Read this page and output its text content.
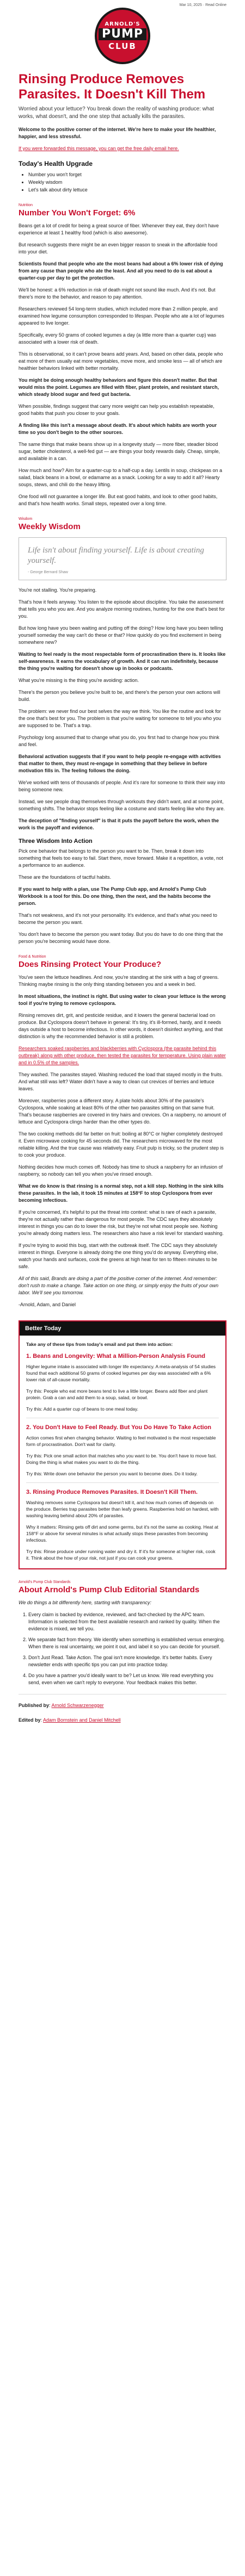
Mar 10, 2025 · Read Online
ARNOLD'S
PUMP
CLUB
Rinsing Produce Removes Parasites. It Doesn't Kill Them

Worried about your lettuce? You break down the reality of washing produce: what works, what doesn't, and the one step that actually kills the parasites.

Welcome to the positive corner of the internet. We're here to make your life healthier, happier, and less stressful.

If you were forwarded this message, you can get the free daily email here.

Today's Health Upgrade
• Number you won't forget
• Weekly wisdom
• Let's talk about dirty lettuce
Nutrition
Number You Won't Forget: 6%

Beans get a lot of credit for being a great source of fiber. Whenever they eat, they don't have experience at least 1 healthy food (which is also awesome).

But research suggests there might be an even bigger reason to sneak in the affordable food into your diet.

Scientists found that people who ate the most beans had about a 6% lower risk of dying from any cause than people who ate the least. And all you need to do is eat about a quarter-cup per day to get the protection.

We'll be honest: a 6% reduction in risk of death might not sound like much. And it's not. But there's more to the behavior, and reason to pay attention.

Researchers reviewed 54 long-term studies, which included more than 2 million people, and examined how legume consumption corresponded to lifespan. People who ate a lot of legumes appeared to live longer.

Specifically, every 50 grams of cooked legumes a day (a little more than a quarter cup) was associated with a lower risk of death.

This is observational, so it can't prove beans add years. And, based on other data, people who eat more of them usually eat more vegetables, move more, and smoke less — all of which are healthier behaviors linked with better mortality.

You might be doing enough healthy behaviors and figure this doesn't matter. But that would miss the point. Legumes are filled with fiber, plant protein, and resistant starch, which steady blood sugar and feed gut bacteria.

When possible, findings suggest that carry more weight can help you establish repeatable, good habits that push you closer to your goals.

A finding like this isn't a message about death. It's about which habits are worth your time so you don't begin to the other sources.

The same things that make beans show up in a longevity study — more fiber, steadier blood sugar, better cholesterol, a well-fed gut — are things your body rewards daily. Cheap, simple, and available in a can.

How much and how? Aim for a quarter-cup to a half-cup a day. Lentils in soup, chickpeas on a salad, black beans in a bowl, or edamame as a snack. Looking for a way to add it all? Hearty soups, stews, and chili do the heavy lifting.

One food will not guarantee a longer life. But eat good habits, and look to other good habits, and that's how health works. Small steps, repeated over a long time.

Wisdom
Weekly Wisdom
Life isn't about finding yourself. Life is about creating yourself.
- George Bernard Shaw

You're not stalling. You're preparing.

That's how it feels anyway. You listen to the episode about discipline. You take the assessment that tells you who you are. And you analyze morning routines, hunting for the one that's best for you.

But how long have you been waiting and putting off the doing? How long have you been telling yourself someday the way can't do these or that? How quickly do you find excitement in being somewhere new?

Waiting to feel ready is the most respectable form of procrastination there is. It looks like self-awareness. It earns the vocabulary of growth. And it can run indefinitely, because the thing you're waiting for doesn't show up in books or podcasts.

What you're missing is the thing you're avoiding: action.

There's the person you believe you're built to be, and there's the person your own actions will build.

The problem: we never find our best selves the way we think. You like the routine and look for the one that's best for you. The problem is that you're waiting for someone to tell you who you are supposed to be. That's a trap.

Psychology long assumed that to change what you do, you first had to change how you think and feel.

Behavioral activation suggests that if you want to help people re-engage with activities that matter to them, they must re-engage in something that they believe in before motivation fills in. The feeling follows the doing.

We've worked with tens of thousands of people. And it's rare for someone to think their way into being someone new.

Instead, we see people drag themselves through workouts they didn't want, and at some point, something shifts. The behavior stops feeling like a costume and starts feeling like who they are.

The deception of "finding yourself" is that it puts the payoff before the work, when the work is the payoff and evidence.

Three Wisdom Into Action

Pick one behavior that belongs to the person you want to be. Then, break it down into something that feels too easy to fail. Start there, move forward. Make it a repetition, a vote, not a performance to an audience.

These are the foundations of tactful habits.

If you want to help with a plan, use The Pump Club app, and Arnold's Pump Club Workbook is a tool for this. Do one thing, then the next, and the habits become the person.

That's not weakness, and it's not your personality. It's evidence, and that's what you need to become the person you want.

You don't have to become the person you want today. But you do have to do one thing that the person you're becoming would have done.

Food & Nutrition
Does Rinsing Protect Your Produce?

You've seen the lettuce headlines. And now, you're standing at the sink with a bag of greens. Thinking maybe rinsing is the only thing standing between you and a week in bed.

In most situations, the instinct is right. But using water to clean your lettuce is the wrong tool if you're trying to remove cyclospora.

Rinsing removes dirt, grit, and pesticide residue, and it lowers the general bacterial load on produce. But Cyclospora doesn't behave in general: It's tiny, it's ill-formed, hardy, and it needs days outside a host to become infectious. In other words, it doesn't disinfect anything, and that distinction is why the recommended behavior is still a problem.

Researchers soaked raspberries and blackberries with Cyclospora (the parasite behind this outbreak) along with other produce, then tested the parasites for temperature. Using plain water and in 0.5% of the samples.

They washed. The parasites stayed. Washing reduced the load that stayed mostly in the fruits. And what still was left? Water didn't have a way to clean cut crevices of berries and lettuce leaves.

Moreover, raspberries pose a different story. A plate holds about 30% of the parasite's Cyclospora, while soaking at least 80% of the other two parasites sitting on that same fruit. That's because raspberries are covered in tiny hairs and crevices. On a raspberry, no amount of lettuce and Cyclospora clings harder than the other types do.

The two cooking methods did far better on fruit: boiling at 80°C or higher completely destroyed it. Even microwave cooking for 45 seconds did. The researchers microwaved for the most reliable killing. And the true cause was relatively easy. Fruit pulp is tricky, so the prudent step is to cook your produce.

Nothing decides how much comes off. Nobody has time to shuck a raspberry for an infusion of raspberry, so nobody can tell you when you've rinsed enough.

What we do know is that rinsing is a normal step, not a kill step. Nothing in the sink kills these parasites. In the lab, it took 15 minutes at 158°F to stop Cyclospora from ever becoming infectious.

If you're concerned, it's helpful to put the threat into context: what is rare of each a parasite, they're not actually rather than dangerous for most people. The CDC says they absolutely interest in things you can do to lower the risk, but they're not what most people see. Nothing you're already doing matters less. The researchers also have a risk level for standard washing.

If you're trying to avoid this bug, start with the outbreak itself. The CDC says they absolutely interest in things. Everyone is already doing the one thing you'd do anyway. Everything else, watch your hands and surfaces, cook the greens at high heat for ten to fifteen minutes to be safe.

All of this said, Brands are doing a part of the positive corner of the internet. And remember: don't rush to make a change. Take action on one thing, or simply enjoy the fruits of your own labor. We'll see you tomorrow.

-Arnold, Adam, and Daniel

Better Today

Take any of these tips from today's email and put them into action:

1. Beans and Longevity: What a Million-Person Analysis Found

Higher legume intake is associated with longer life expectancy. A meta-analysis of 54 studies found that each additional 50 grams of cooked legumes per day was associated with a 6% lower risk of all-cause mortality.

Try this: People who eat more beans tend to live a little longer. Beans add fiber and plant protein. Grab a can and add them to a soup, salad, or bowl.

Try this: Add a quarter cup of beans to one meal today.

2. You Don't Have to Feel Ready. But You Do Have To Take Action

Action comes first when changing behavior. Waiting to feel motivated is the most respectable form of procrastination. Don't wait for clarity.

Try this: Pick one small action that matches who you want to be. You don't have to move fast. Doing the thing is what makes you want to do the thing.

Try this: Write down one behavior the person you want to become does. Do it today.

3. Rinsing Produce Removes Parasites. It Doesn't Kill Them.

Washing removes some Cyclospora but doesn't kill it, and how much comes off depends on the produce. Berries trap parasites better than leafy greens. Raspberries hold on hardest, with washing leaving behind about 20% of parasites.

Why it matters: Rinsing gets off dirt and some germs, but it's not the same as cooking. Heat at 158°F or above for several minutes is what actually stops these parasites from becoming infectious.

Try this: Rinse produce under running water and dry it. If it's for someone at higher risk, cook it. Think about the how of your risk, not just if you can cook your greens.

Arnold's Pump Club Standards
About Arnold's Pump Club Editorial Standards

We do things a bit differently here, starting with transparency:

1. Every claim is backed by evidence, reviewed, and fact-checked by the APC team. Information is selected from the best available research and ranked by quality. When the evidence is mixed, we tell you.
2. We separate fact from theory. We identify when something is established versus emerging. When there is real uncertainty, we point it out, and label it so you can decide for yourself.
3. Don't Just Read. Take Action. The goal isn't more knowledge. It's better habits. Every newsletter ends with specific tips you can put into practice today.
4. Do you have a partner you'd ideally want to be? Let us know. We read everything you send, even when we can't reply to everyone. Your feedback makes this better.

Published by: Arnold Schwarzenegger

Edited by: Adam Bornstein and Daniel Mitchell
